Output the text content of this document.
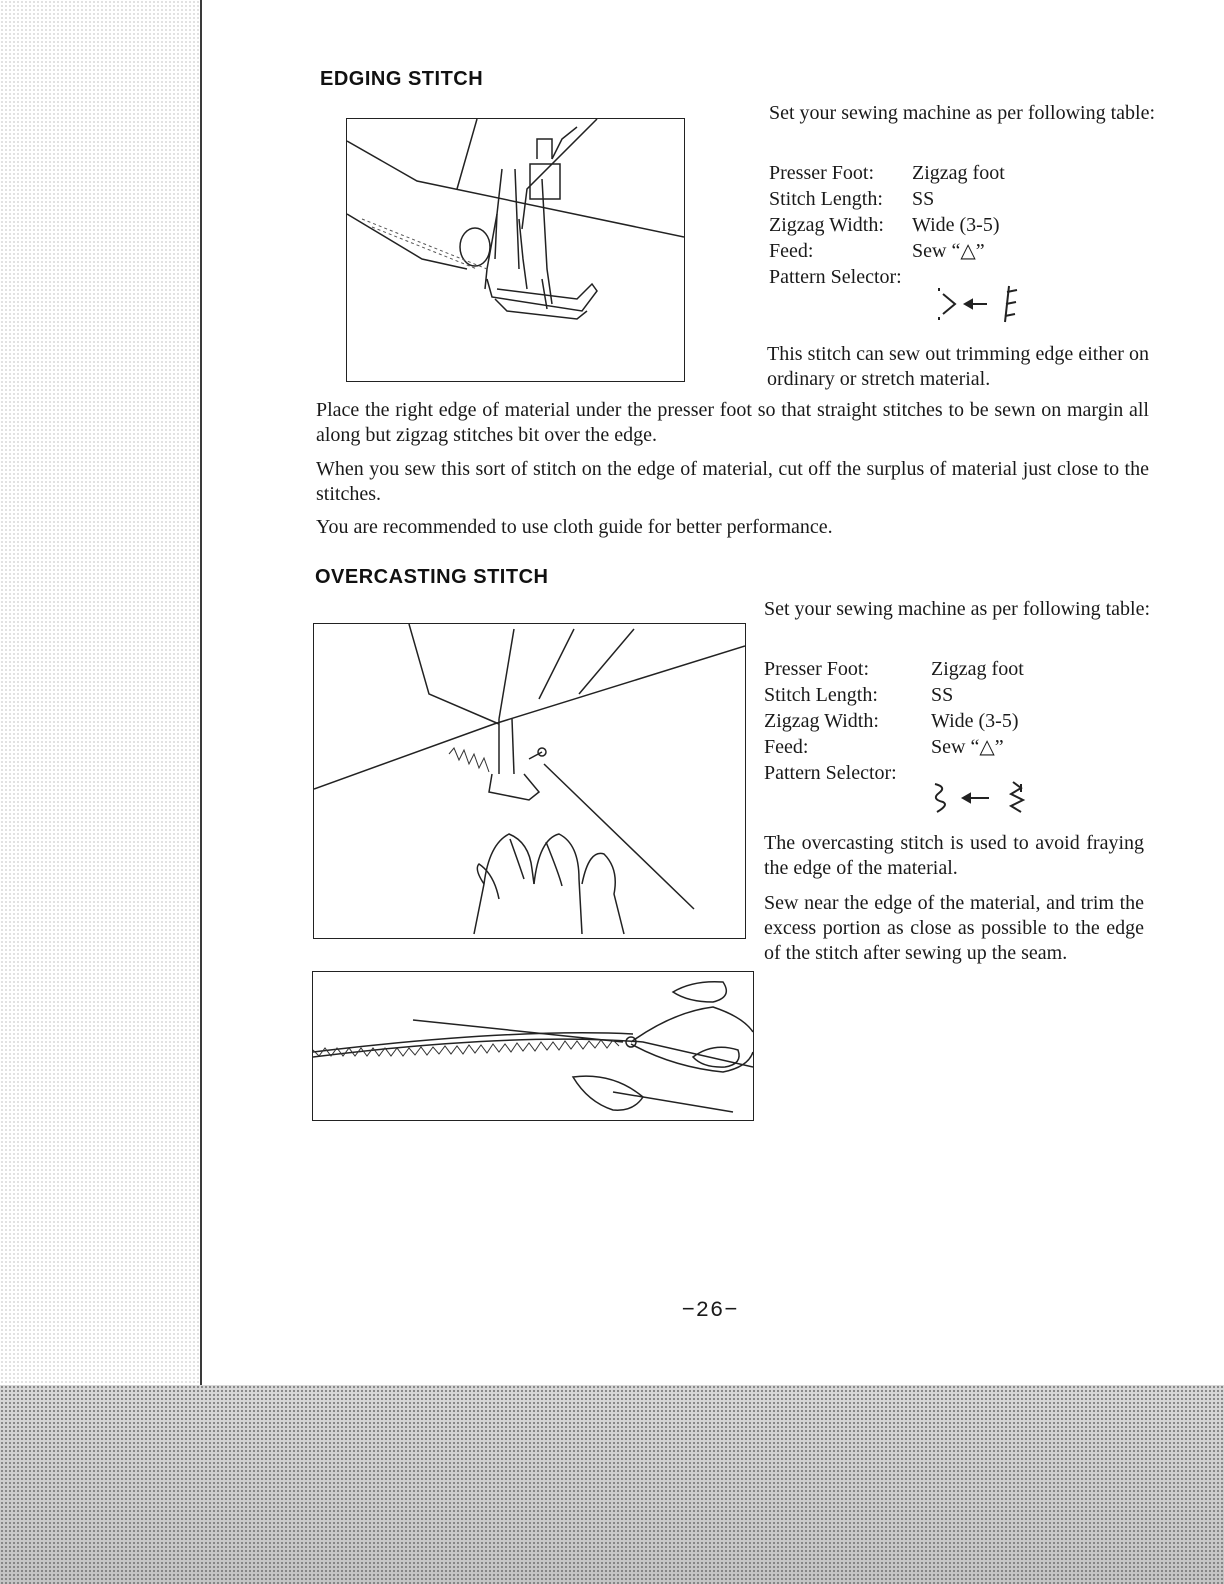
EDGING STITCH
Set your sewing machine as per following table:
Presser Foot: Zigzag foot
Stitch Length: SS
Zigzag Width: Wide (3-5)
Feed:	Sew “△”
Pattern Selector:
This stitch can sew out trimming edge either on ordinary or stretch material.
Place the right edge of material under the presser foot so that straight stitches to be sewn on margin all along but zigzag stitches bit over the edge.
When you sew this sort of stitch on the edge of material, cut off the surplus of material just close to the stitches.
You are recommended to use cloth guide for better performance.
OVERCASTING STITCH
Set your sewing machine as per following table:
Presser Foot:	Zigzag foot
Stitch Length:	SS
Zigzag Width:	Wide (3-5)
Feed:	Sew “△”
Pattern Selector:
The overcasting stitch is used to avoid fraying the edge of the material.
Sew near the edge of the material, and trim the excess portion as close as possible to the edge of the stitch after sewing up the seam.
−26−
